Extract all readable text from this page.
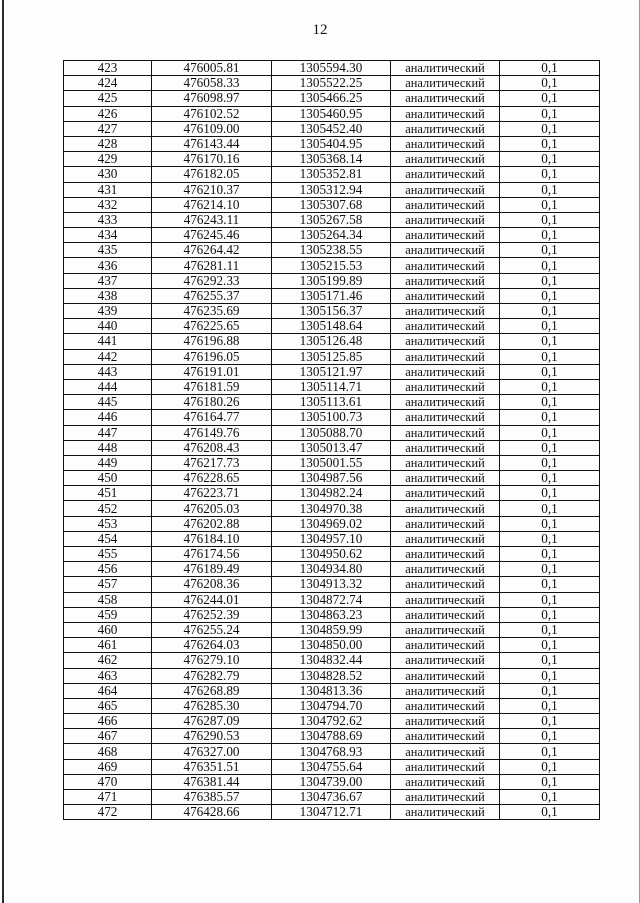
12
423	476005.81	1305594.30	аналитический	0,1
424	476058.33	1305522.25	аналитический	0,1
425	476098.97	1305466.25	аналитический	0,1
426	476102.52	1305460.95	аналитический	0,1
427	476109.00	1305452.40	аналитический	0,1
428	476143.44	1305404.95	аналитический	0,1
429	476170.16	1305368.14	аналитический	0,1
430	476182.05	1305352.81	аналитический	0,1
431	476210.37	1305312.94	аналитический	0,1
432	476214.10	1305307.68	аналитический	0,1
433	476243.11	1305267.58	аналитический	0,1
434	476245.46	1305264.34	аналитический	0,1
435	476264.42	1305238.55	аналитический	0,1
436	476281.11	1305215.53	аналитический	0,1
437	476292.33	1305199.89	аналитический	0,1
438	476255.37	1305171.46	аналитический	0,1
439	476235.69	1305156.37	аналитический	0,1
440	476225.65	1305148.64	аналитический	0,1
441	476196.88	1305126.48	аналитический	0,1
442	476196.05	1305125.85	аналитический	0,1
443	476191.01	1305121.97	аналитический	0,1
444	476181.59	1305114.71	аналитический	0,1
445	476180.26	1305113.61	аналитический	0,1
446	476164.77	1305100.73	аналитический	0,1
447	476149.76	1305088.70	аналитический	0,1
448	476208.43	1305013.47	аналитический	0,1
449	476217.73	1305001.55	аналитический	0,1
450	476228.65	1304987.56	аналитический	0,1
451	476223.71	1304982.24	аналитический	0,1
452	476205.03	1304970.38	аналитический	0,1
453	476202.88	1304969.02	аналитический	0,1
454	476184.10	1304957.10	аналитический	0,1
455	476174.56	1304950.62	аналитический	0,1
456	476189.49	1304934.80	аналитический	0,1
457	476208.36	1304913.32	аналитический	0,1
458	476244.01	1304872.74	аналитический	0,1
459	476252.39	1304863.23	аналитический	0,1
460	476255.24	1304859.99	аналитический	0,1
461	476264.03	1304850.00	аналитический	0,1
462	476279.10	1304832.44	аналитический	0,1
463	476282.79	1304828.52	аналитический	0,1
464	476268.89	1304813.36	аналитический	0,1
465	476285.30	1304794.70	аналитический	0,1
466	476287.09	1304792.62	аналитический	0,1
467	476290.53	1304788.69	аналитический	0,1
468	476327.00	1304768.93	аналитический	0,1
469	476351.51	1304755.64	аналитический	0,1
470	476381.44	1304739.00	аналитический	0,1
471	476385.57	1304736.67	аналитический	0,1
472	476428.66	1304712.71	аналитический	0,1
